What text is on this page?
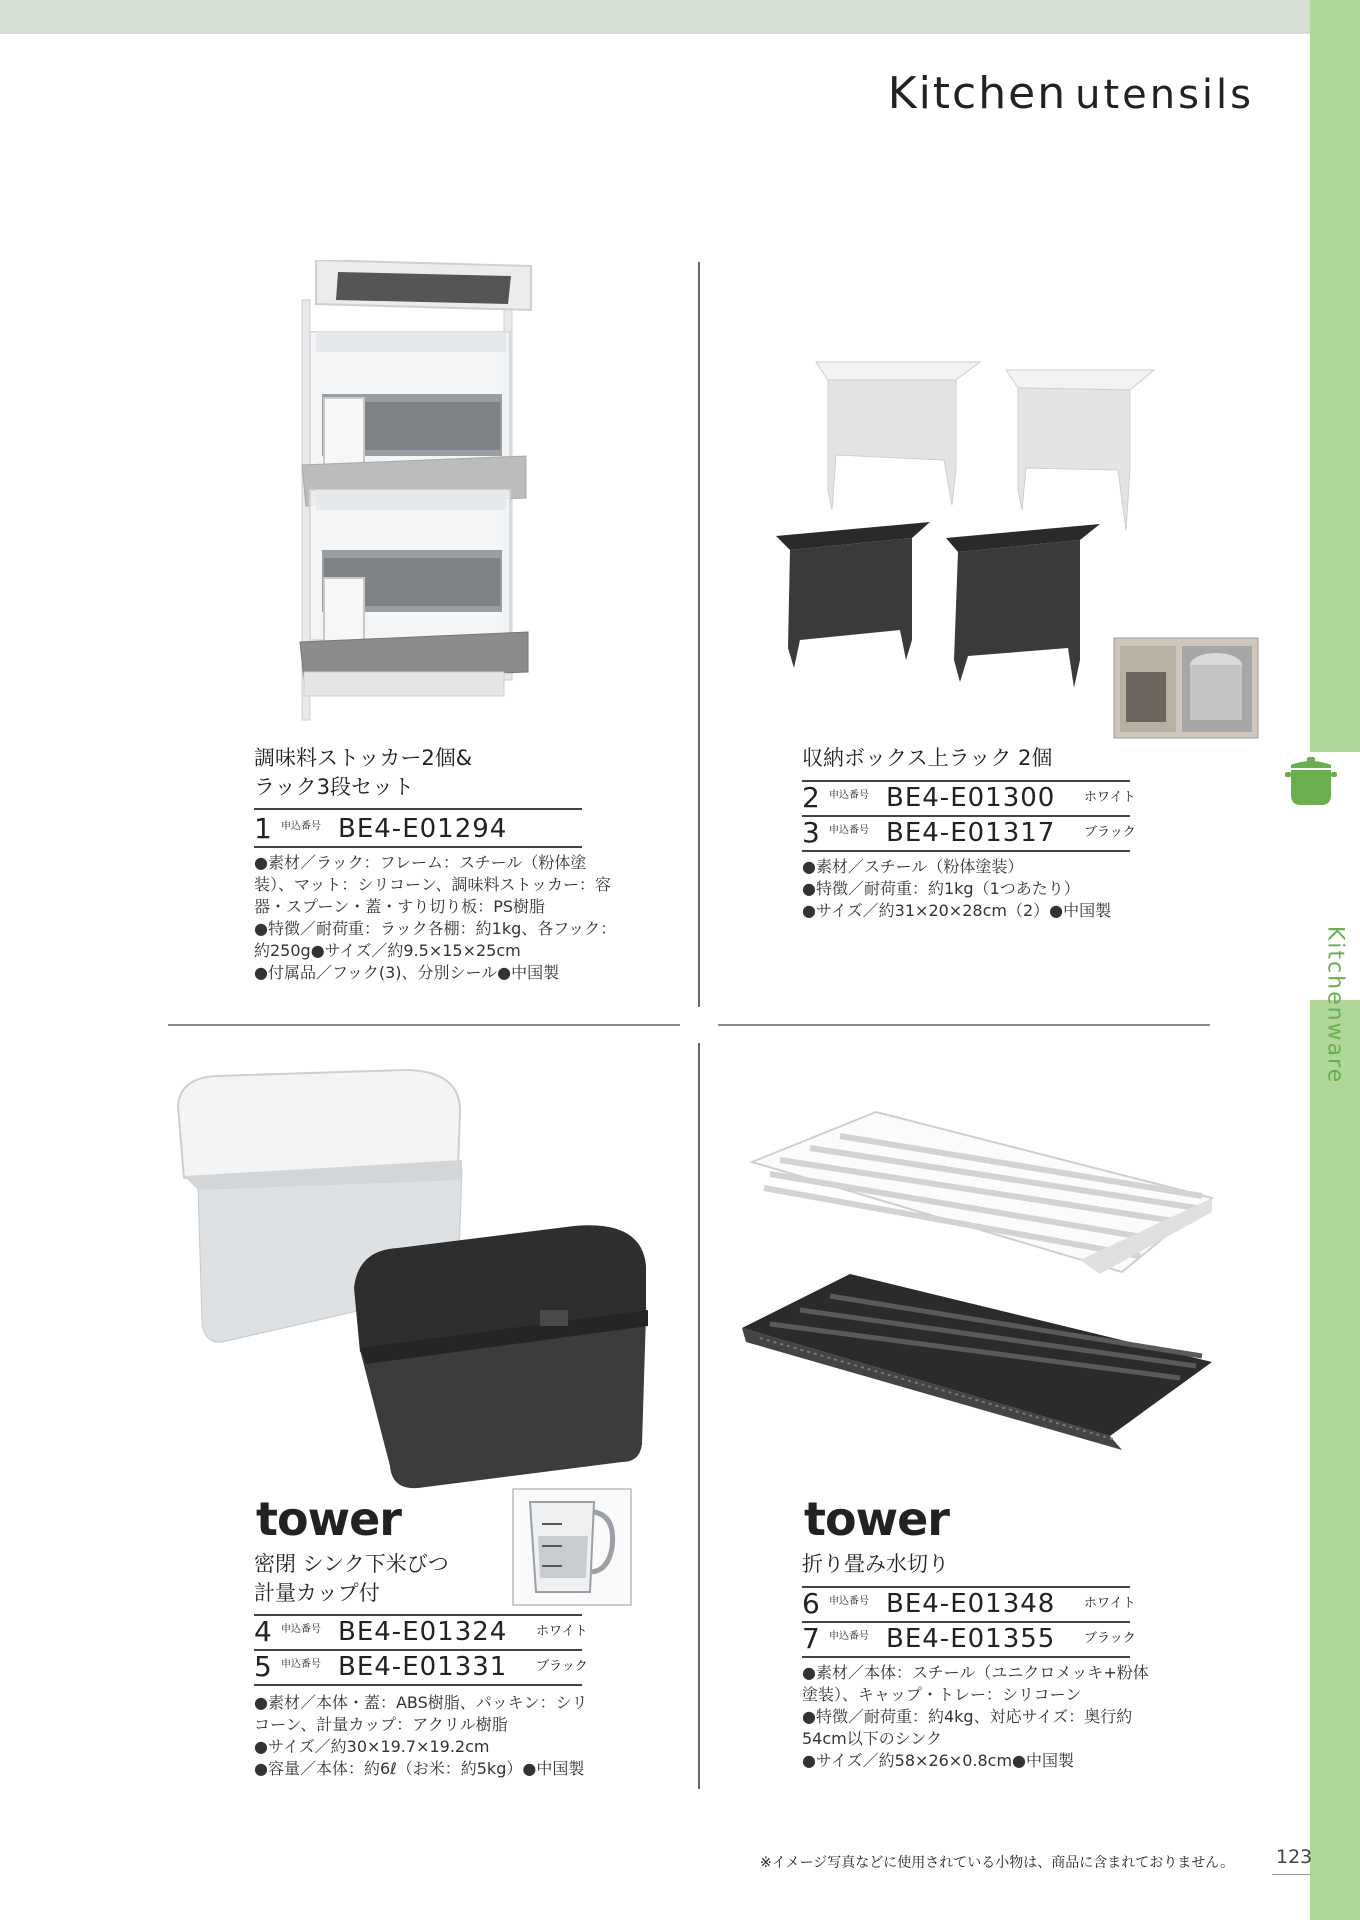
Kitchenware
Kitchen utensils
調味料ストッカー2個&
ラック3段セット
1 申込番号 BE4-E01294
●素材／ラック：フレーム：スチール（粉体塗
装）、マット：シリコーン、調味料ストッカー：容
器・スプーン・蓋・すり切り板：PS樹脂
●特徴／耐荷重：ラック各棚：約1kg、各フック：
約250g●サイズ／約9.5×15×25cm
●付属品／フック(3)、分別シール●中国製
収納ボックス上ラック 2個
2 申込番号 BE4-E01300 ホワイト
3 申込番号 BE4-E01317 ブラック
●素材／スチール（粉体塗装）
●特徴／耐荷重：約1kg（1つあたり）
●サイズ／約31×20×28cm（2）●中国製
tower
密閉 シンク下米びつ
計量カップ付
4 申込番号 BE4-E01324 ホワイト
5 申込番号 BE4-E01331 ブラック
●素材／本体・蓋：ABS樹脂、パッキン：シリ
コーン、計量カップ：アクリル樹脂
●サイズ／約30×19.7×19.2cm
●容量／本体：約6ℓ（お米：約5kg）●中国製
tower
折り畳み水切り
6 申込番号 BE4-E01348 ホワイト
7 申込番号 BE4-E01355 ブラック
●素材／本体：スチール（ユニクロメッキ+粉体
塗装）、キャップ・トレー：シリコーン
●特徴／耐荷重：約4kg、対応サイズ：奥行約
54cm以下のシンク
●サイズ／約58×26×0.8cm●中国製
※イメージ写真などに使用されている小物は、商品に含まれておりません。 123
